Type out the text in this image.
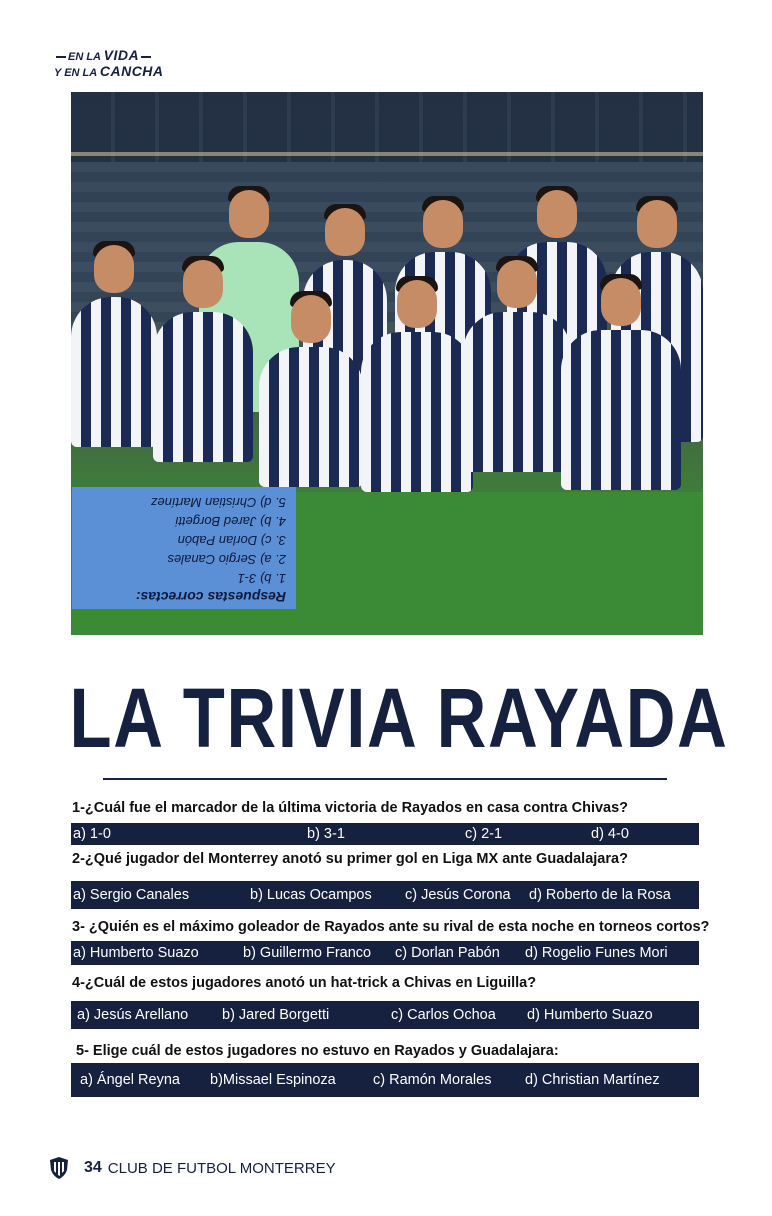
EN LA VIDA
Y EN LA CANCHA
Respuestas correctas:
1. b) 3-1
2. a) Sergio Canales
3. c) Dorlan Pabón
4. b) Jared Borgetti
5. d) Christian Martínez
LA TRIVIA RAYADA
1-¿Cuál fue el marcador de la última victoria de Rayados en casa contra Chivas?
a) 1-0	b) 3-1	c) 2-1	d) 4-0
2-¿Qué jugador del Monterrey anotó su primer gol en Liga MX ante Guadalajara?
a) Sergio Canales	b) Lucas Ocampos c) Jesús Corona d) Roberto de la Rosa
3- ¿Quién es el máximo goleador de Rayados ante su rival de esta noche en torneos cortos?
a) Humberto Suazo	b) Guillermo Franco c) Dorlan Pabón d) Rogelio Funes Mori
4-¿Cuál de estos jugadores anotó un hat-trick a Chivas en Liguilla?
a) Jesús Arellano b) Jared Borgetti	c) Carlos Ochoa d) Humberto Suazo
5- Elige cuál de estos jugadores no estuvo en Rayados y Guadalajara:
a) Ángel Reyna b)Missael Espinoza	c) Ramón Morales d) Christian Martínez
34 CLUB DE FUTBOL MONTERREY
